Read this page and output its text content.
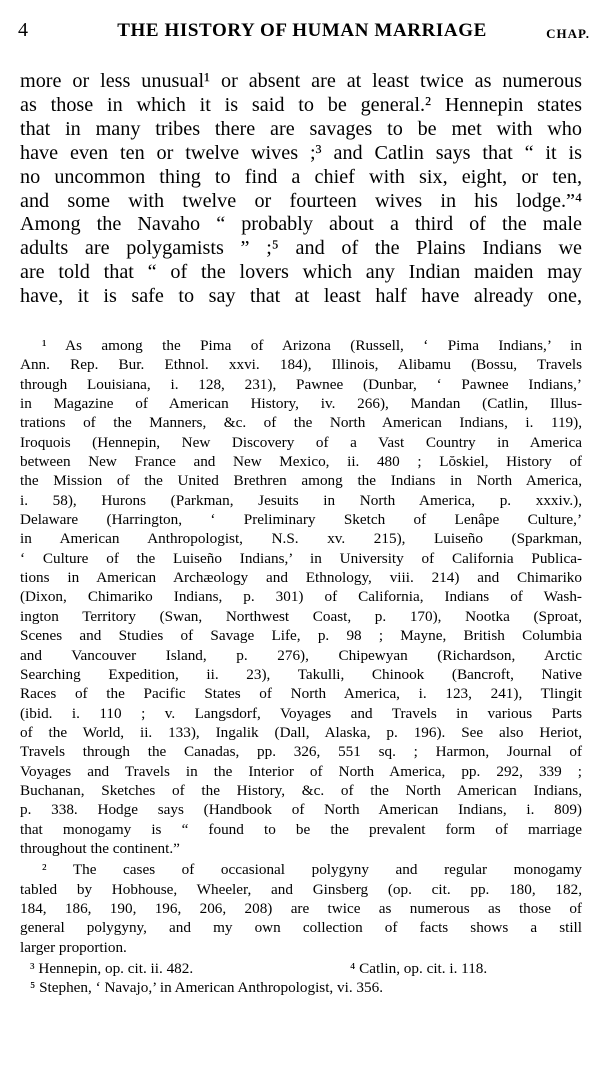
4	THE HISTORY OF HUMAN MARRIAGE	CHAP.
more or less unusual¹ or absent are at least twice as numerous
as those in which it is said to be general.² Hennepin states
that in many tribes there are savages to be met with who
have even ten or twelve wives ;³ and Catlin says that “ it is
no uncommon thing to find a chief with six, eight, or ten,
and some with twelve or fourteen wives in his lodge.”⁴
Among the Navaho “ probably about a third of the male
adults are polygamists ” ;⁵ and of the Plains Indians we
are told that “ of the lovers which any Indian maiden may
have, it is safe to say that at least half have already one,
¹ As among the Pima of Arizona (Russell, ‘ Pima Indians,’ in
Ann. Rep. Bur. Ethnol. xxvi. 184), Illinois, Alibamu (Bossu, Travels
through Louisiana, i. 128, 231), Pawnee (Dunbar, ‘ Pawnee Indians,’
in Magazine of American History, iv. 266), Mandan (Catlin, Illus-
trations of the Manners, &c. of the North American Indians, i. 119),
Iroquois (Hennepin, New Discovery of a Vast Country in America
between New France and New Mexico, ii. 480 ; Lŏskiel, History of
the Mission of the United Brethren among the Indians in North America,
i. 58), Hurons (Parkman, Jesuits in North America, p. xxxiv.),
Delaware (Harrington, ‘ Preliminary Sketch of Lenâpe Culture,’
in American Anthropologist, N.S. xv. 215), Luiseño (Sparkman,
‘ Culture of the Luiseño Indians,’ in University of California Publica-
tions in American Archæology and Ethnology, viii. 214) and Chimariko
(Dixon, Chimariko Indians, p. 301) of California, Indians of Wash-
ington Territory (Swan, Northwest Coast, p. 170), Nootka (Sproat,
Scenes and Studies of Savage Life, p. 98 ; Mayne, British Columbia
and Vancouver Island, p. 276), Chipewyan (Richardson, Arctic
Searching Expedition, ii. 23), Takulli, Chinook (Bancroft, Native
Races of the Pacific States of North America, i. 123, 241), Tlingit
(ibid. i. 110 ; v. Langsdorf, Voyages and Travels in various Parts
of the World, ii. 133), Ingalik (Dall, Alaska, p. 196). See also Heriot,
Travels through the Canadas, pp. 326, 551 sq. ; Harmon, Journal of
Voyages and Travels in the Interior of North America, pp. 292, 339 ;
Buchanan, Sketches of the History, &c. of the North American Indians,
p. 338. Hodge says (Handbook of North American Indians, i. 809)
that monogamy is “ found to be the prevalent form of marriage
throughout the continent.”
² The cases of occasional polygyny and regular monogamy
tabled by Hobhouse, Wheeler, and Ginsberg (op. cit. pp. 180, 182,
184, 186, 190, 196, 206, 208) are twice as numerous as those of
general polygyny, and my own collection of facts shows a still
larger proportion.
³ Hennepin, op. cit. ii. 482.	⁴ Catlin, op. cit. i. 118.
⁵ Stephen, ‘ Navajo,’ in American Anthropologist, vi. 356.
